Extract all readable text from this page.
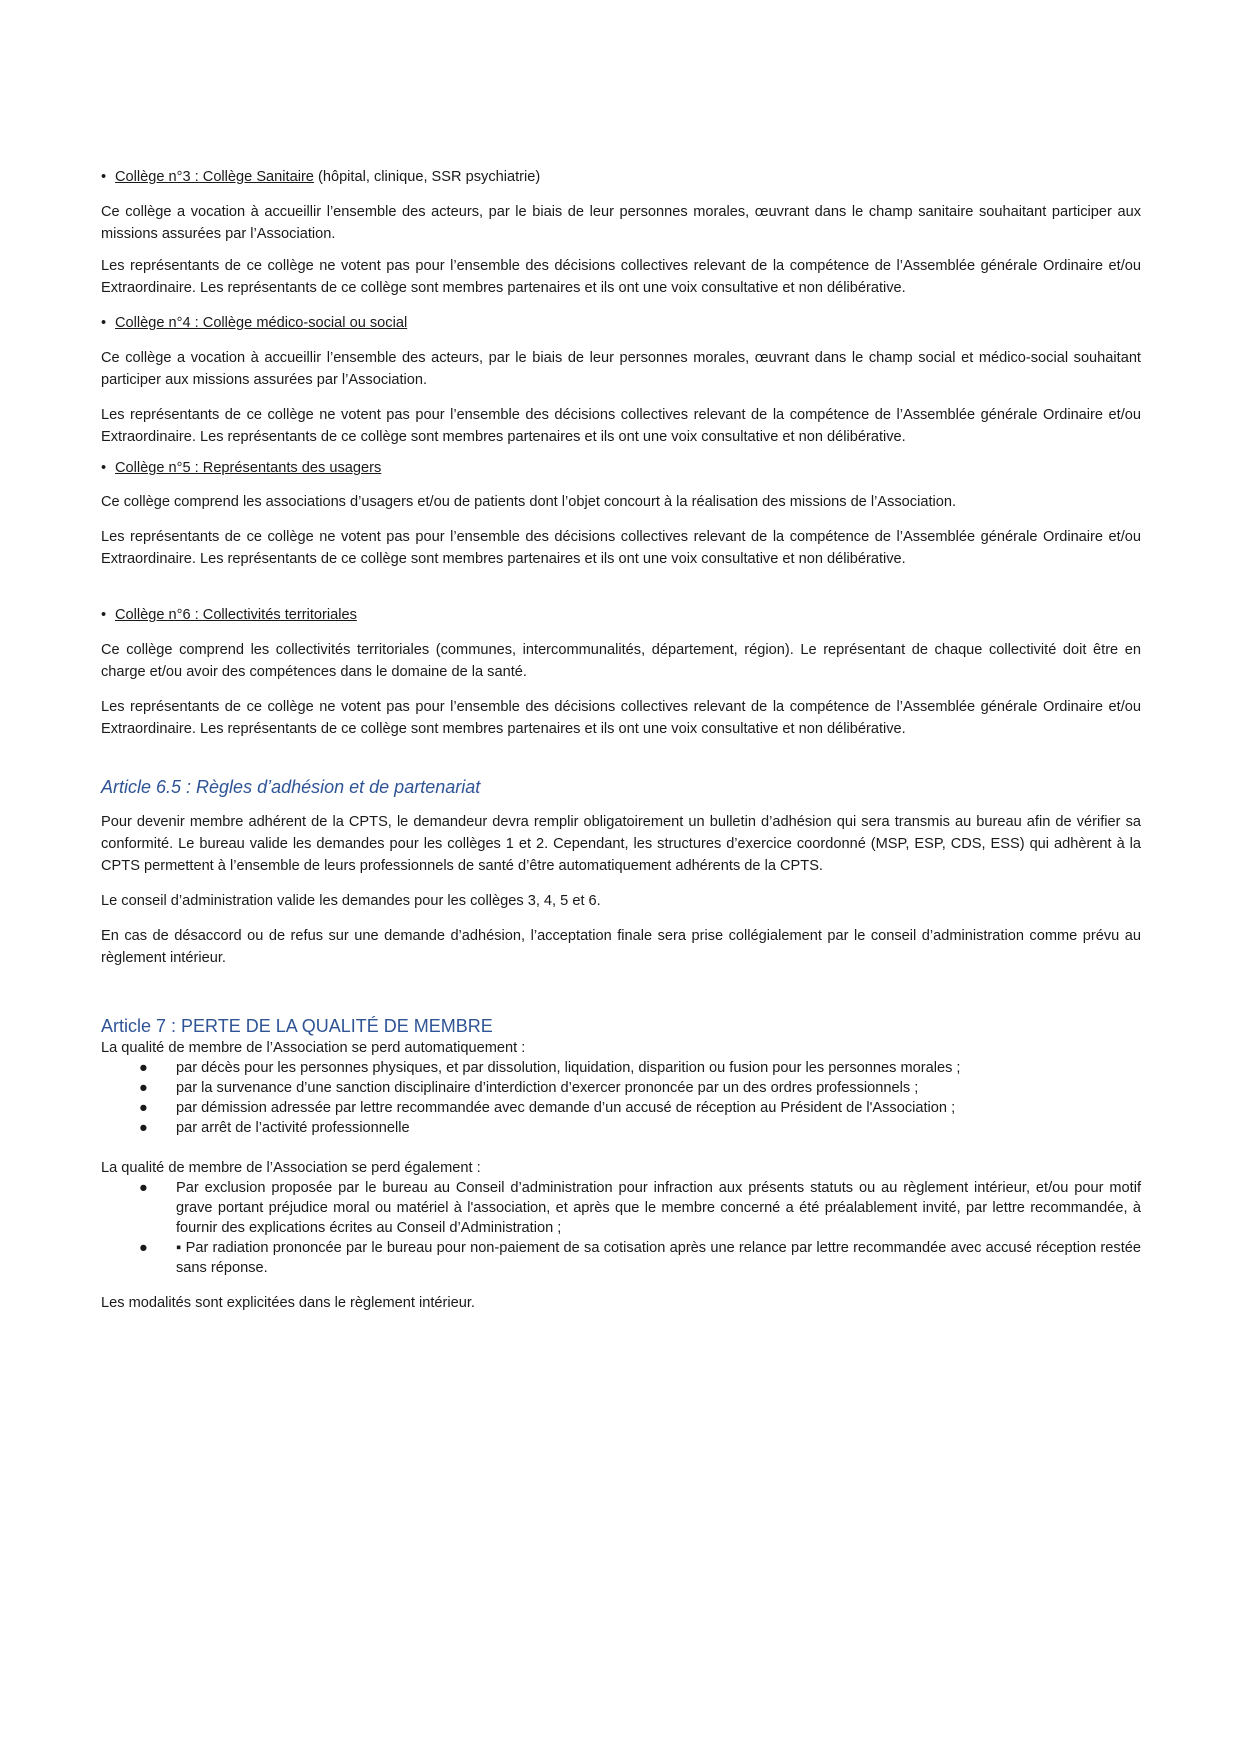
• Collège n°3 : Collège Sanitaire (hôpital, clinique, SSR psychiatrie)

Ce collège a vocation à accueillir l’ensemble des acteurs, par le biais de leur personnes morales, œuvrant dans le champ sanitaire souhaitant participer aux missions assurées par l’Association.

Les représentants de ce collège ne votent pas pour l’ensemble des décisions collectives relevant de la compétence de l’Assemblée générale Ordinaire et/ou Extraordinaire. Les représentants de ce collège sont membres partenaires et ils ont une voix consultative et non délibérative.

• Collège n°4 : Collège médico-social ou social

Ce collège a vocation à accueillir l’ensemble des acteurs, par le biais de leur personnes morales, œuvrant dans le champ social et médico-social souhaitant participer aux missions assurées par l’Association.

Les représentants de ce collège ne votent pas pour l’ensemble des décisions collectives relevant de la compétence de l’Assemblée générale Ordinaire et/ou Extraordinaire. Les représentants de ce collège sont membres partenaires et ils ont une voix consultative et non délibérative.

• Collège n°5 : Représentants des usagers

Ce collège comprend les associations d’usagers et/ou de patients dont l’objet concourt à la réalisation des missions de l’Association.

Les représentants de ce collège ne votent pas pour l’ensemble des décisions collectives relevant de la compétence de l’Assemblée générale Ordinaire et/ou Extraordinaire. Les représentants de ce collège sont membres partenaires et ils ont une voix consultative et non délibérative.

• Collège n°6 : Collectivités territoriales

Ce collège comprend les collectivités territoriales (communes, intercommunalités, département, région). Le représentant de chaque collectivité doit être en charge et/ou avoir des compétences dans le domaine de la santé.

Les représentants de ce collège ne votent pas pour l’ensemble des décisions collectives relevant de la compétence de l’Assemblée générale Ordinaire et/ou Extraordinaire. Les représentants de ce collège sont membres partenaires et ils ont une voix consultative et non délibérative.

Article 6.5 : Règles d’adhésion et de partenariat

Pour devenir membre adhérent de la CPTS, le demandeur devra remplir obligatoirement un bulletin d’adhésion qui sera transmis au bureau afin de vérifier sa conformité. Le bureau valide les demandes pour les collèges 1 et 2. Cependant, les structures d’exercice coordonné (MSP, ESP, CDS, ESS) qui adhèrent à la CPTS permettent à l’ensemble de leurs professionnels de santé d’être automatiquement adhérents de la CPTS.

Le conseil d’administration valide les demandes pour les collèges 3, 4, 5 et 6.

En cas de désaccord ou de refus sur une demande d’adhésion, l’acceptation finale sera prise collégialement par le conseil d’administration comme prévu au règlement intérieur.

Article 7 : PERTE DE LA QUALITÉ DE MEMBRE

La qualité de membre de l’Association se perd automatiquement :

● par décès pour les personnes physiques, et par dissolution, liquidation, disparition ou fusion pour les personnes morales ;
● par la survenance d’une sanction disciplinaire d’interdiction d’exercer prononcée par un des ordres professionnels ;
● par démission adressée par lettre recommandée avec demande d’un accusé de réception au Président de l'Association ;
● par arrêt de l’activité professionnelle

La qualité de membre de l’Association se perd également :

● Par exclusion proposée par le bureau au Conseil d’administration pour infraction aux présents statuts ou au règlement intérieur, et/ou pour motif grave portant préjudice moral ou matériel à l'association, et après que le membre concerné a été préalablement invité, par lettre recommandée, à fournir des explications écrites au Conseil d’Administration ;
● ▪ Par radiation prononcée par le bureau pour non-paiement de sa cotisation après une relance par lettre recommandée avec accusé réception restée sans réponse.

Les modalités sont explicitées dans le règlement intérieur.
